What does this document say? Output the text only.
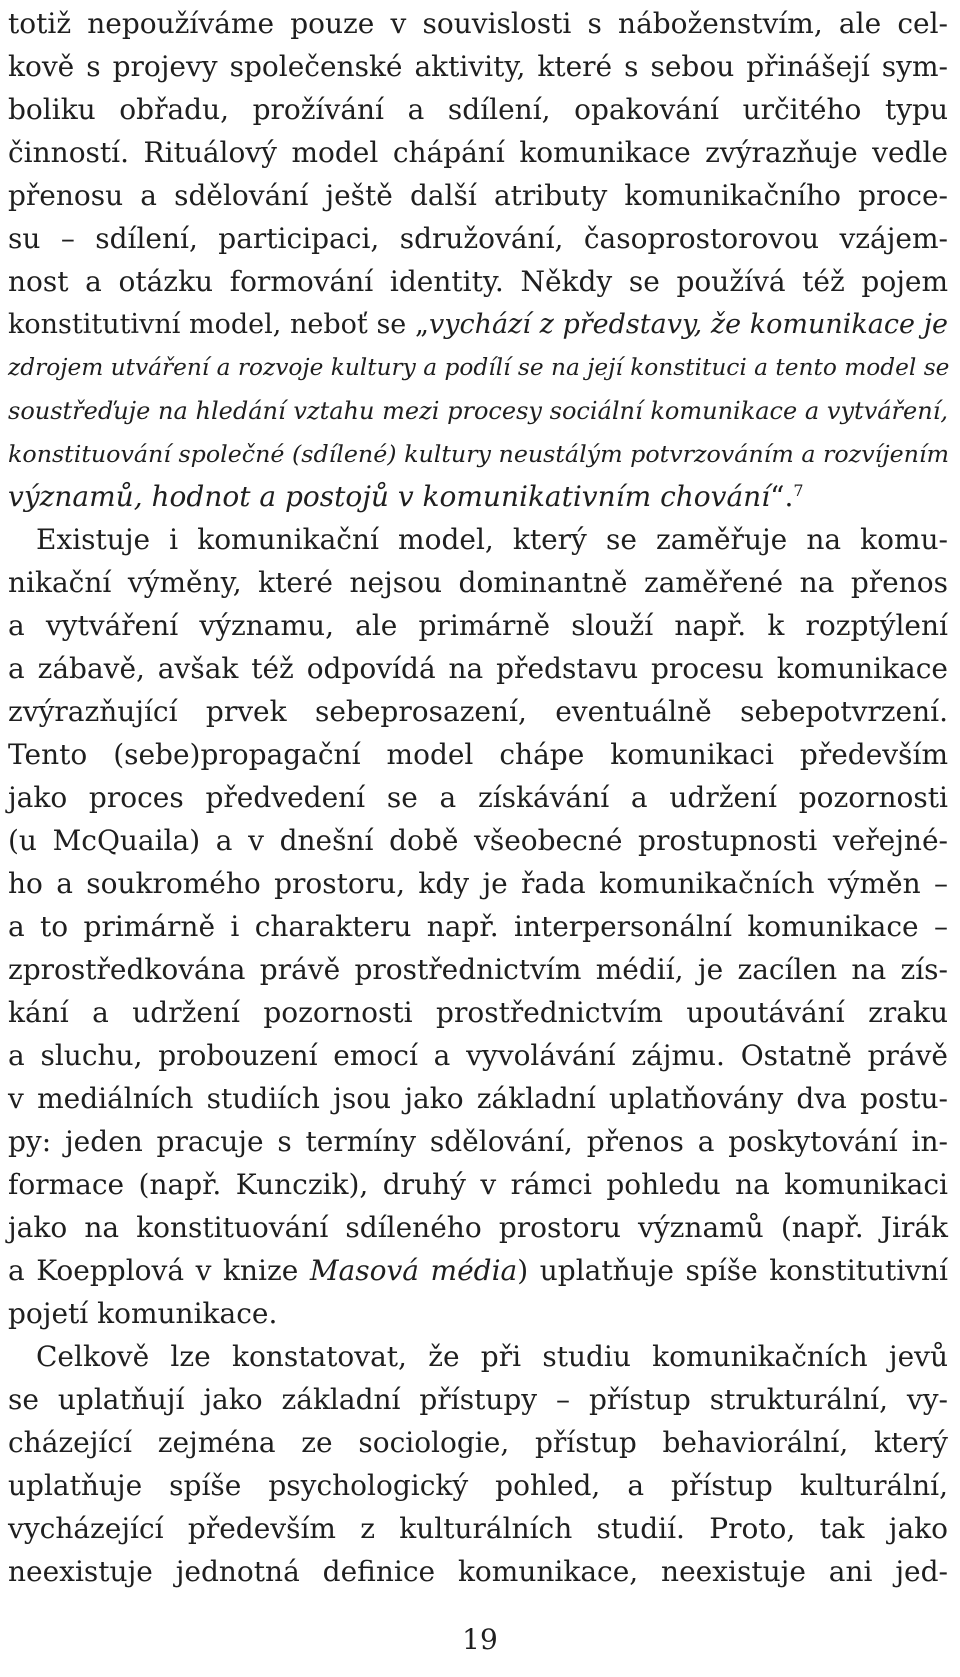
totiž nepoužíváme pouze v souvislosti s náboženstvím, ale cel-
kově s projevy společenské aktivity, které s sebou přinášejí sym-
boliku obřadu, prožívání a sdílení, opakování určitého typu
činností. Rituálový model chápání komunikace zvýrazňuje vedle
přenosu a sdělování ještě další atributy komunikačního proce-
su – sdílení, participaci, sdružování, časoprostorovou vzájem-
nost a otázku formování identity. Někdy se používá též pojem
konstitutivní model, neboť se „vychází z představy, že komunikace je
zdrojem utváření a rozvoje kultury a podílí se na její konstituci a tento model se
soustřeďuje na hledání vztahu mezi procesy sociální komunikace a vytváření,
konstituování společné (sdílené) kultury neustálým potvrzováním a rozvíjením
významů, hodnot a postojů v komunikativním chování“.$^7$
Existuje i komunikační model, který se zaměřuje na komu-
nikační výměny, které nejsou dominantně zaměřené na přenos
a vytváření významu, ale primárně slouží např. k rozptýlení
a zábavě, avšak též odpovídá na představu procesu komunikace
zvýrazňující prvek sebeprosazení, eventuálně sebepotvrzení.
Tento (sebe)propagační model chápe komunikaci především
jako proces předvedení se a získávání a udržení pozornosti
(u McQuaila) a v dnešní době všeobecné prostupnosti veřejné-
ho a soukromého prostoru, kdy je řada komunikačních výměn –
a to primárně i charakteru např. interpersonální komunikace –
zprostředkována právě prostřednictvím médií, je zacílen na zís-
kání a udržení pozornosti prostřednictvím upoutávání zraku
a sluchu, probouzení emocí a vyvolávání zájmu. Ostatně právě
v mediálních studiích jsou jako základní uplatňovány dva postu-
py: jeden pracuje s termíny sdělování, přenos a poskytování in-
formace (např. Kunczik), druhý v rámci pohledu na komunikaci
jako na konstituování sdíleného prostoru významů (např. Jirák
a Koepplová v knize Masová média) uplatňuje spíše konstitutivní
pojetí komunikace.
Celkově lze konstatovat, že při studiu komunikačních jevů
se uplatňují jako základní přístupy – přístup strukturální, vy-
cházející zejména ze sociologie, přístup behaviorální, který
uplatňuje spíše psychologický pohled, a přístup kulturální,
vycházející především z kulturálních studií. Proto, tak jako
neexistuje jednotná definice komunikace, neexistuje ani jed-
19
